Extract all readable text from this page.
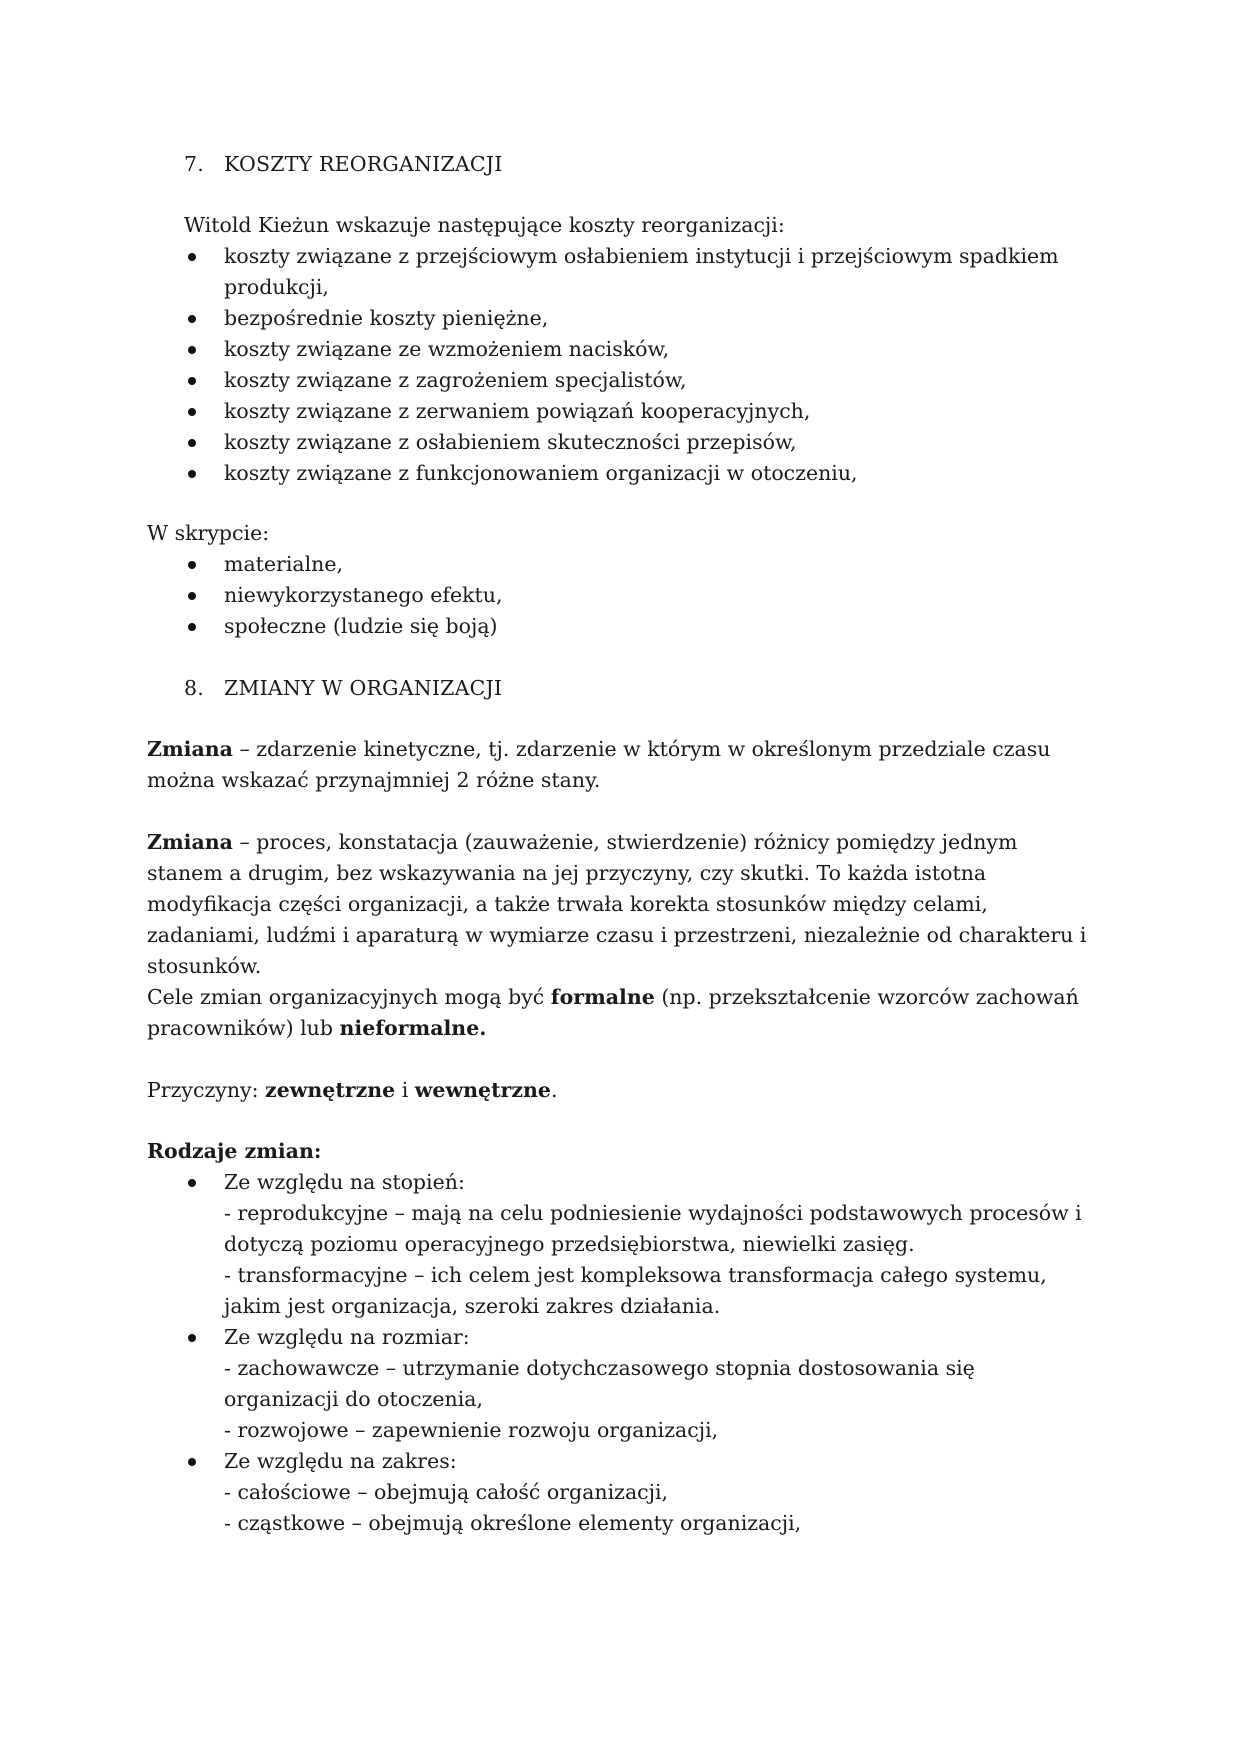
7. KOSZTY REORGANIZACJI

Witold Kieżun wskazuje następujące koszty reorganizacji:

koszty związane z przejściowym osłabieniem instytucji i przejściowym spadkiem produkcji,
bezpośrednie koszty pieniężne,
koszty związane ze wzmożeniem nacisków,
koszty związane z zagrożeniem specjalistów,
koszty związane z zerwaniem powiązań kooperacyjnych,
koszty związane z osłabieniem skuteczności przepisów,
koszty związane z funkcjonowaniem organizacji w otoczeniu,

W skrypcie:

materialne,
niewykorzystanego efektu,
społeczne (ludzie się boją)
8. ZMIANY W ORGANIZACJI

Zmiana – zdarzenie kinetyczne, tj. zdarzenie w którym w określonym przedziale czasu można wskazać przynajmniej 2 różne stany.

Zmiana – proces, konstatacja (zauważenie, stwierdzenie) różnicy pomiędzy jednym stanem a drugim, bez wskazywania na jej przyczyny, czy skutki. To każda istotna modyfikacja części organizacji, a także trwała korekta stosunków między celami, zadaniami, ludźmi i aparaturą w wymiarze czasu i przestrzeni, niezależnie od charakteru i stosunków.

Cele zmian organizacyjnych mogą być formalne (np. przekształcenie wzorców zachowań pracowników) lub nieformalne.

Przyczyny: zewnętrzne i wewnętrzne.

Rodzaje zmian:

Ze względu na stopień:
- reprodukcyjne – mają na celu podniesienie wydajności podstawowych procesów i dotyczą poziomu operacyjnego przedsiębiorstwa, niewielki zasięg.
- transformacyjne – ich celem jest kompleksowa transformacja całego systemu, jakim jest organizacja, szeroki zakres działania.
Ze względu na rozmiar:
- zachowawcze – utrzymanie dotychczasowego stopnia dostosowania się organizacji do otoczenia,
- rozwojowe – zapewnienie rozwoju organizacji,
Ze względu na zakres:
- całościowe – obejmują całość organizacji,
- cząstkowe – obejmują określone elementy organizacji,
